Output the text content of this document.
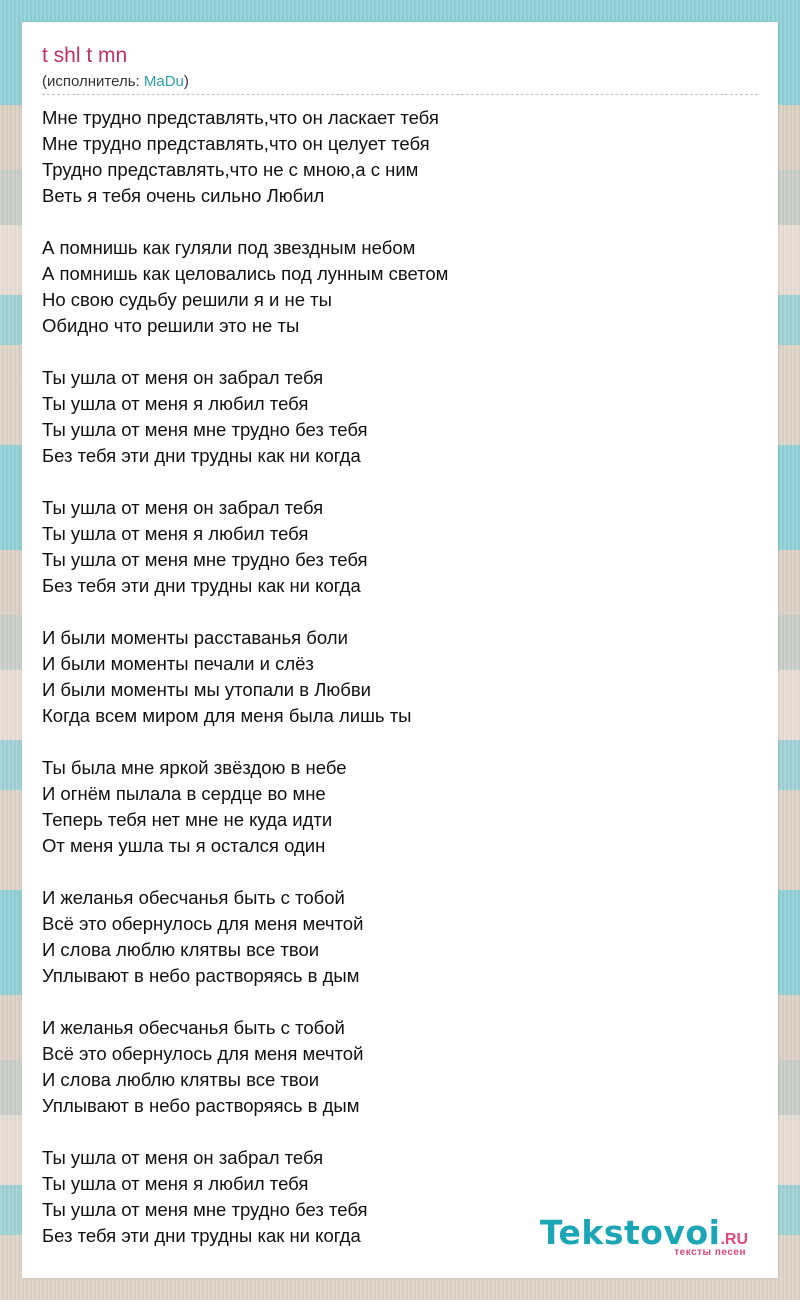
t shl t mn
(исполнитель: MaDu)
Мне трудно представлять,что он ласкает тебя
Мне трудно представлять,что он целует тебя
Трудно представлять,что не с мною,а с ним
Веть я тебя очень сильно Любил
А помнишь как гуляли под звездным небом
А помнишь как целовались под лунным светом
Но свою судьбу решили я и не ты
Обидно что решили это не ты
Ты ушла от меня он забрал тебя
Ты ушла от меня я любил тебя
Ты ушла от меня мне трудно без тебя
Без тебя эти дни трудны как ни когда
Ты ушла от меня он забрал тебя
Ты ушла от меня я любил тебя
Ты ушла от меня мне трудно без тебя
Без тебя эти дни трудны как ни когда
И были моменты расставанья боли
И были моменты печали и слёз
И были моменты мы утопали в Любви
Когда всем миром для меня была лишь ты
Ты была мне яркой звёздою в небе
И огнём пылала в сердце во мне
Теперь тебя нет мне не куда идти
От меня ушла ты я остался один
И желанья обесчанья быть с тобой
Всё это обернулось для меня мечтой
И слова люблю клятвы все твои
Уплывают в небо растворяясь в дым
И желанья обесчанья быть с тобой
Всё это обернулось для меня мечтой
И слова люблю клятвы все твои
Уплывают в небо растворяясь в дым
Ты ушла от меня он забрал тебя
Ты ушла от меня я любил тебя
Ты ушла от меня мне трудно без тебя
Без тебя эти дни трудны как ни когда	Tekstovoi.RU
тексты песен
